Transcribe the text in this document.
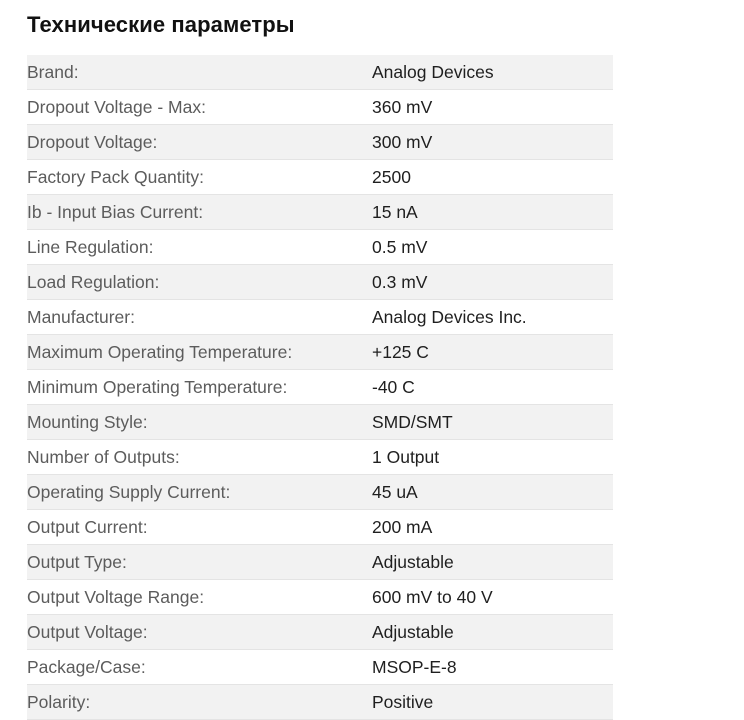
Технические параметры
Brand:	Analog Devices
Dropout Voltage - Max:	360 mV
Dropout Voltage:	300 mV
Factory Pack Quantity:	2500
Ib - Input Bias Current:	15 nA
Line Regulation:	0.5 mV
Load Regulation:	0.3 mV
Manufacturer:	Analog Devices Inc.
Maximum Operating Temperature:	+125 C
Minimum Operating Temperature:	-40 C
Mounting Style:	SMD/SMT
Number of Outputs:	1 Output
Operating Supply Current:	45 uA
Output Current:	200 mA
Output Type:	Adjustable
Output Voltage Range:	600 mV to 40 V
Output Voltage:	Adjustable
Package/Case:	MSOP-E-8
Polarity:	Positive
